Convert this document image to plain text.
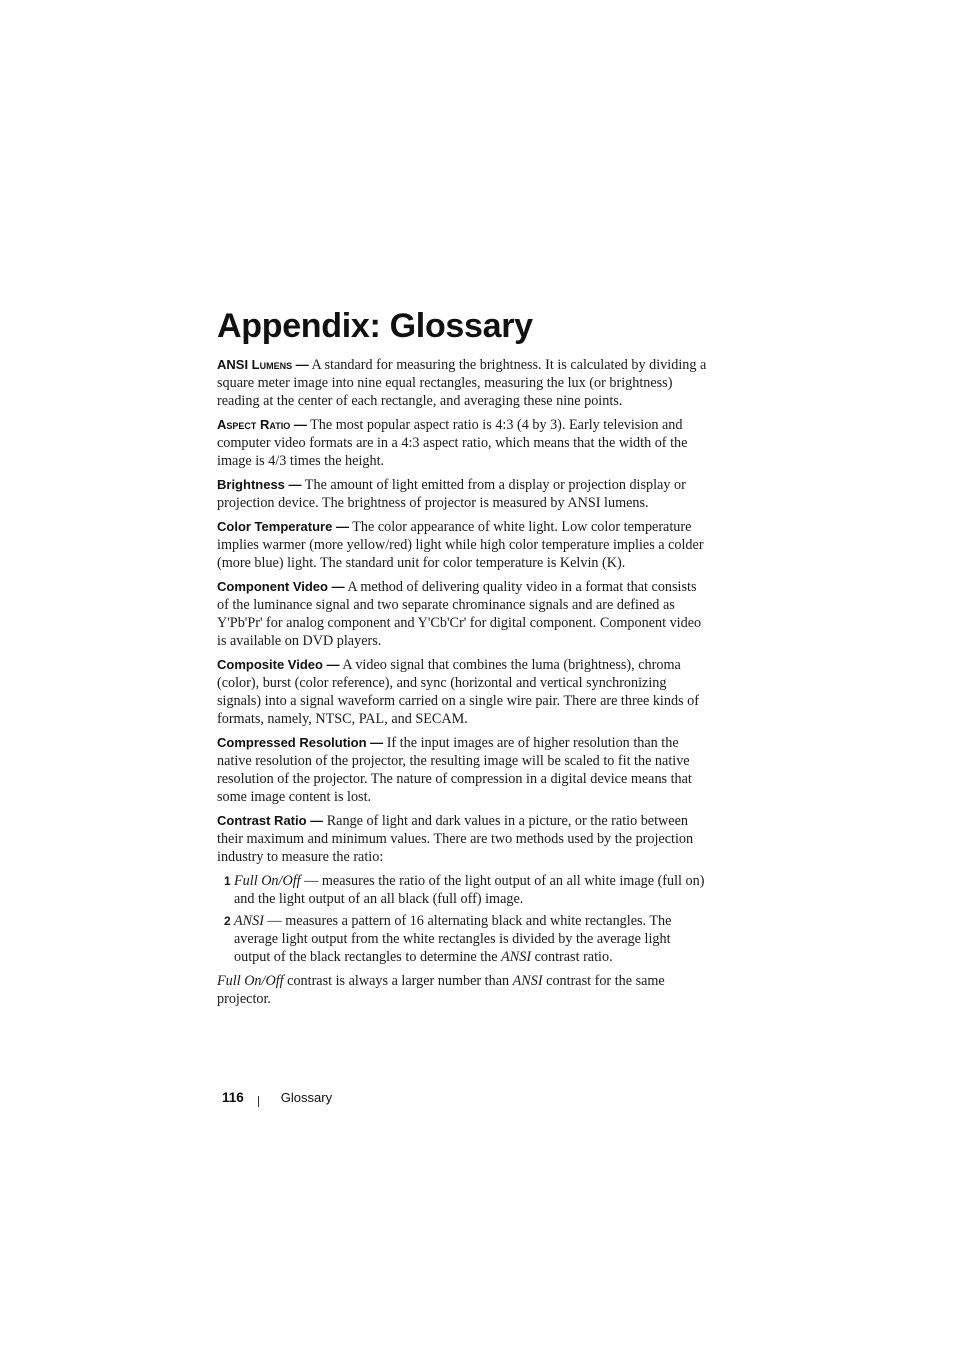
Appendix: Glossary

ANSI Lumens — A standard for measuring the brightness. It is calculated by dividing a square meter image into nine equal rectangles, measuring the lux (or brightness) reading at the center of each rectangle, and averaging these nine points.

Aspect Ratio — The most popular aspect ratio is 4:3 (4 by 3). Early television and computer video formats are in a 4:3 aspect ratio, which means that the width of the image is 4/3 times the height.

Brightness — The amount of light emitted from a display or projection display or projection device. The brightness of projector is measured by ANSI lumens.

Color Temperature — The color appearance of white light. Low color temperature implies warmer (more yellow/red) light while high color temperature implies a colder (more blue) light. The standard unit for color temperature is Kelvin (K).

Component Video — A method of delivering quality video in a format that consists of the luminance signal and two separate chrominance signals and are defined as Y'Pb'Pr' for analog component and Y'Cb'Cr' for digital component. Component video is available on DVD players.

Composite Video — A video signal that combines the luma (brightness), chroma (color), burst (color reference), and sync (horizontal and vertical synchronizing signals) into a signal waveform carried on a single wire pair. There are three kinds of formats, namely, NTSC, PAL, and SECAM.

Compressed Resolution — If the input images are of higher resolution than the native resolution of the projector, the resulting image will be scaled to fit the native resolution of the projector. The nature of compression in a digital device means that some image content is lost.

Contrast Ratio — Range of light and dark values in a picture, or the ratio between their maximum and minimum values. There are two methods used by the projection industry to measure the ratio:

1 Full On/Off — measures the ratio of the light output of an all white image (full on) and the light output of an all black (full off) image.
2 ANSI — measures a pattern of 16 alternating black and white rectangles. The average light output from the white rectangles is divided by the average light output of the black rectangles to determine the ANSI contrast ratio.

Full On/Off contrast is always a larger number than ANSI contrast for the same projector.

116	Glossary
